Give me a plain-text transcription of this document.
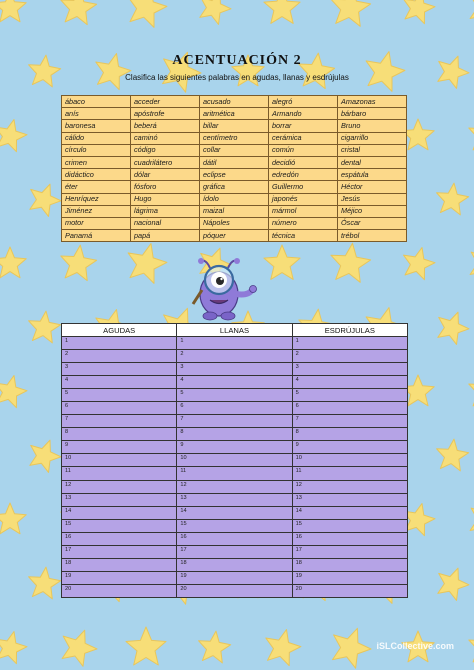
ACENTUACIÓN 2
Clasifica las siguientes palabras en agudas, llanas y esdrújulas
ábaco	acceder	acusado	alegró	Amazonas
anís	apóstrofe	aritmética	Armando	bárbaro
baronesa	beberá	billar	borrar	Bruno
cálido	caminó	centímetro	cerámica	cigarrillo
círculo	código	collar	común	cristal
crimen	cuadrilátero	dátil	decidió	dental
didáctico	dólar	eclipse	edredón	espátula
éter	fósforo	gráfica	Guillermo	Héctor
Henríquez	Hugo	ídolo	japonés	Jesús
Jiménez	lágrima	maizal	mármol	Méjico
motor	nacional	Nápoles	número	Óscar
Panamá	papá	póquer	técnica	trébol
AGUDAS	LLANAS	ESDRÚJULAS
1	1	1
2	2	2
3	3	3
4	4	4
5	5	5
6	6	6
7	7	7
8	8	8
9	9	9
10	10	10
11	11	11
12	12	12
13	13	13
14	14	14
15	15	15
16	16	16
17	17	17
18	18	18
19	19	19
20	20	20
iSLCollective.com
